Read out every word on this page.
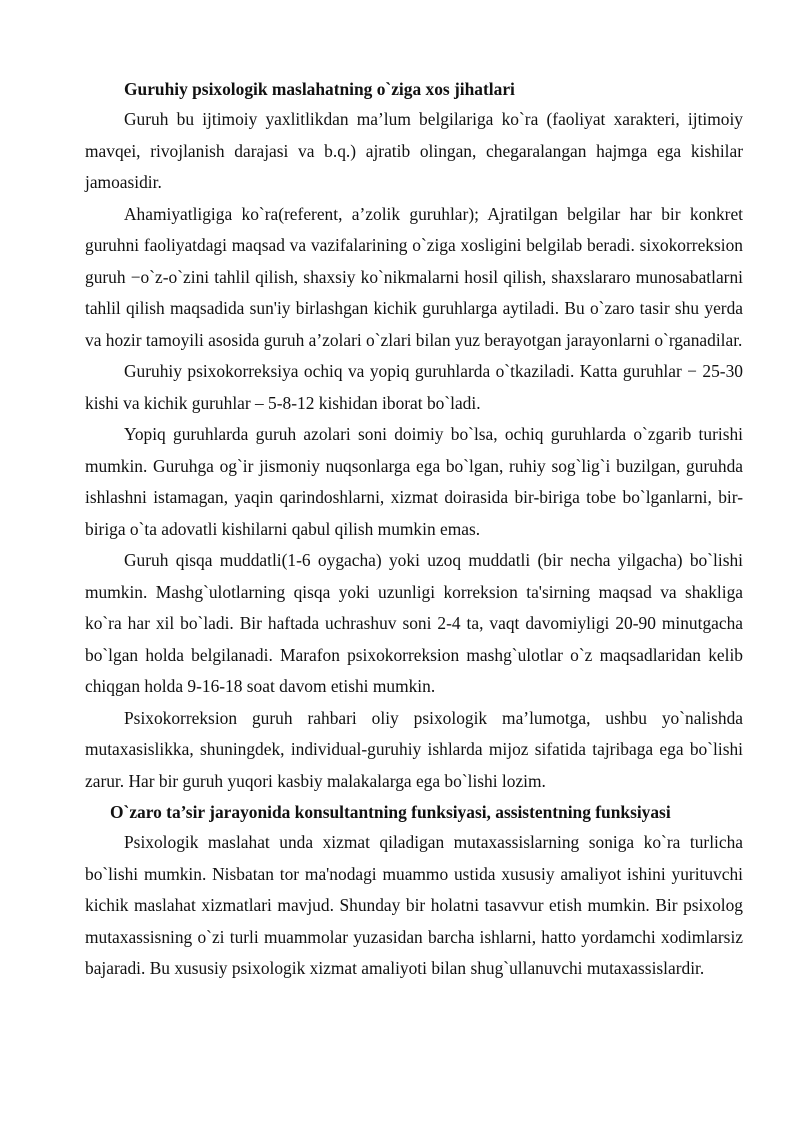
Guruhiy psixologik maslahatning o`ziga xos jihatlari

Guruh bu ijtimoiy yaxlitlikdan ma’lum belgilariga ko`ra (faoliyat xarakteri, ijtimoiy mavqei, rivojlanish darajasi va b.q.) ajratib olingan, chegaralangan hajmga ega kishilar jamoasidir.

Ahamiyatligiga ko`ra(referent, a’zolik guruhlar); Ajratilgan belgilar har bir konkret guruhni faoliyatdagi maqsad va vazifalarining o`ziga xosligini belgilab beradi. sixokorreksion guruh −o`z-o`zini tahlil qilish, shaxsiy ko`nikmalarni hosil qilish, shaxslararo munosabatlarni tahlil qilish maqsadida sun'iy birlashgan kichik guruhlarga aytiladi. Bu o`zaro tasir shu yerda va hozir tamoyili asosida guruh a’zolari o`zlari bilan yuz berayotgan jarayonlarni o`rganadilar.

Guruhiy psixokorreksiya ochiq va yopiq guruhlarda o`tkaziladi. Katta guruhlar − 25-30 kishi va kichik guruhlar – 5-8-12 kishidan iborat bo`ladi.

Yopiq guruhlarda guruh azolari soni doimiy bo`lsa, ochiq guruhlarda o`zgarib turishi mumkin. Guruhga og`ir jismoniy nuqsonlarga ega bo`lgan, ruhiy sog`lig`i buzilgan, guruhda ishlashni istamagan, yaqin qarindoshlarni, xizmat doirasida bir-biriga tobe bo`lganlarni, bir-biriga o`ta adovatli kishilarni qabul qilish mumkin emas.

Guruh qisqa muddatli(1-6 oygacha) yoki uzoq muddatli (bir necha yilgacha) bo`lishi mumkin. Mashg`ulotlarning qisqa yoki uzunligi korreksion ta'sirning maqsad va shakliga ko`ra har xil bo`ladi. Bir haftada uchrashuv soni 2-4 ta, vaqt davomiyligi 20-90 minutgacha bo`lgan holda belgilanadi. Marafon psixokorreksion mashg`ulotlar o`z maqsadlaridan kelib chiqgan holda 9-16-18 soat davom etishi mumkin.

Psixokorreksion guruh rahbari oliy psixologik ma’lumotga, ushbu yo`nalishda mutaxasislikka, shuningdek, individual-guruhiy ishlarda mijoz sifatida tajribaga ega bo`lishi zarur. Har bir guruh yuqori kasbiy malakalarga ega bo`lishi lozim.

O`zaro ta’sir jarayonida konsultantning funksiyasi, assistentning funksiyasi

Psixologik maslahat unda xizmat qiladigan mutaxassislarning soniga ko`ra turlicha bo`lishi mumkin. Nisbatan tor ma'nodagi muammo ustida xususiy amaliyot ishini yurituvchi kichik maslahat xizmatlari mavjud. Shunday bir holatni tasavvur etish mumkin. Bir psixolog mutaxassisning o`zi turli muammolar yuzasidan barcha ishlarni, hatto yordamchi xodimlarsiz bajaradi. Bu xususiy psixologik xizmat amaliyoti bilan shug`ullanuvchi mutaxassislardir.
